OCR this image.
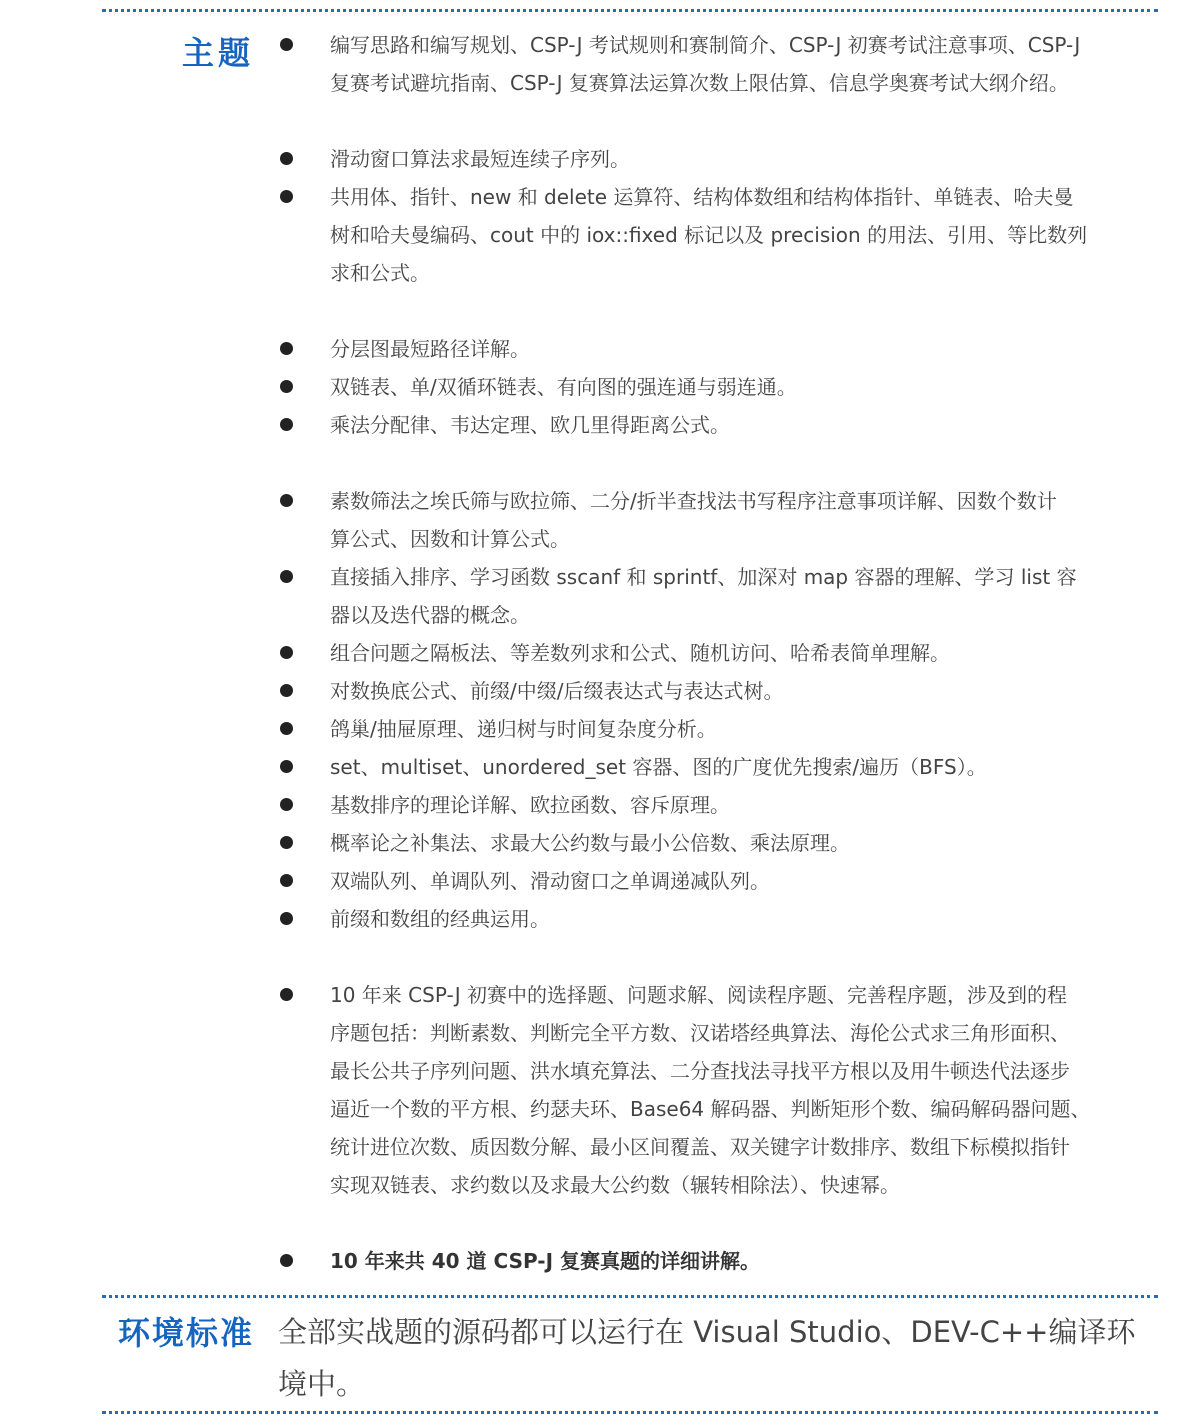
主题	编写思路和编写规划、CSP-J 考试规则和赛制简介、CSP-J 初赛考试注意事项、CSP-J
复赛考试避坑指南、CSP-J 复赛算法运算次数上限估算、信息学奥赛考试大纲介绍。
滑动窗口算法求最短连续子序列。
共用体、指针、new 和 delete 运算符、结构体数组和结构体指针、单链表、哈夫曼
树和哈夫曼编码、cout 中的 iox::fixed 标记以及 precision 的用法、引用、等比数列
求和公式。
分层图最短路径详解。
双链表、单/双循环链表、有向图的强连通与弱连通。
乘法分配律、韦达定理、欧几里得距离公式。
素数筛法之埃氏筛与欧拉筛、二分/折半查找法书写程序注意事项详解、因数个数计
算公式、因数和计算公式。
直接插入排序、学习函数 sscanf 和 sprintf、加深对 map 容器的理解、学习 list 容
器以及迭代器的概念。
组合问题之隔板法、等差数列求和公式、随机访问、哈希表简单理解。
对数换底公式、前缀/中缀/后缀表达式与表达式树。
鸽巢/抽屉原理、递归树与时间复杂度分析。
set、multiset、unordered_set 容器、图的广度优先搜索/遍历（BFS）。
基数排序的理论详解、欧拉函数、容斥原理。
概率论之补集法、求最大公约数与最小公倍数、乘法原理。
双端队列、单调队列、滑动窗口之单调递减队列。
前缀和数组的经典运用。
10 年来 CSP-J 初赛中的选择题、问题求解、阅读程序题、完善程序题，涉及到的程
序题包括：判断素数、判断完全平方数、汉诺塔经典算法、海伦公式求三角形面积、
最长公共子序列问题、洪水填充算法、二分查找法寻找平方根以及用牛顿迭代法逐步
逼近一个数的平方根、约瑟夫环、Base64 解码器、判断矩形个数、编码解码器问题、
统计进位次数、质因数分解、最小区间覆盖、双关键字计数排序、数组下标模拟指针
实现双链表、求约数以及求最大公约数（辗转相除法）、快速幂。
10 年来共 40 道 CSP-J 复赛真题的详细讲解。
环境标准 全部实战题的源码都可以运行在 Visual Studio、DEV-C++编译环
境中。
